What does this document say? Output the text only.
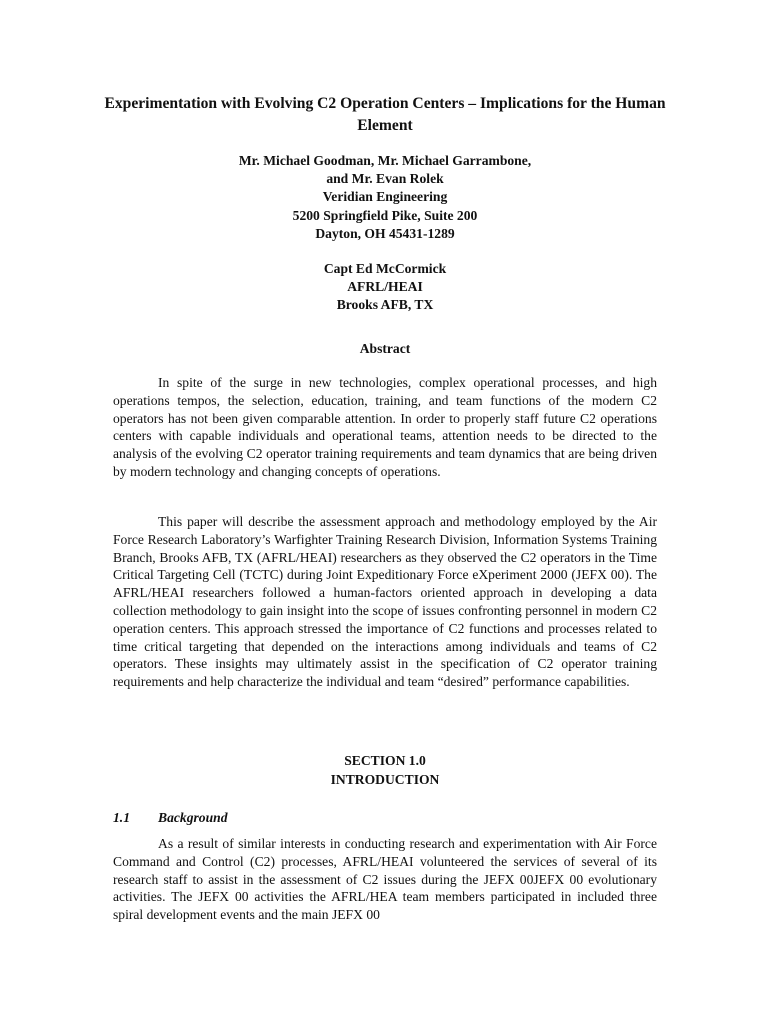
Experimentation with Evolving C2 Operation Centers – Implications for the Human Element
Mr. Michael Goodman, Mr. Michael Garrambone,
and Mr. Evan Rolek
Veridian Engineering
5200 Springfield Pike, Suite 200
Dayton, OH 45431-1289
Capt Ed McCormick
AFRL/HEAI
Brooks AFB, TX
Abstract

In spite of the surge in new technologies, complex operational processes, and high operations tempos, the selection, education, training, and team functions of the modern C2 operators has not been given comparable attention. In order to properly staff future C2 operations centers with capable individuals and operational teams, attention needs to be directed to the analysis of the evolving C2 operator training requirements and team dynamics that are being driven by modern technology and changing concepts of operations.

This paper will describe the assessment approach and methodology employed by the Air Force Research Laboratory’s Warfighter Training Research Division, Information Systems Training Branch, Brooks AFB, TX (AFRL/HEAI) researchers as they observed the C2 operators in the Time Critical Targeting Cell (TCTC) during Joint Expeditionary Force eXperiment 2000 (JEFX 00). The AFRL/HEAI researchers followed a human-factors oriented approach in developing a data collection methodology to gain insight into the scope of issues confronting personnel in modern C2 operation centers. This approach stressed the importance of C2 functions and processes related to time critical targeting that depended on the interactions among individuals and teams of C2 operators. These insights may ultimately assist in the specification of C2 operator training requirements and help characterize the individual and team “desired” performance capabilities.

SECTION 1.0
INTRODUCTION
1.1 Background

As a result of similar interests in conducting research and experimentation with Air Force Command and Control (C2) processes, AFRL/HEAI volunteered the services of several of its research staff to assist in the assessment of C2 issues during the JEFX 00JEFX 00 evolutionary activities. The JEFX 00 activities the AFRL/HEA team members participated in included three spiral development events and the main JEFX 00
